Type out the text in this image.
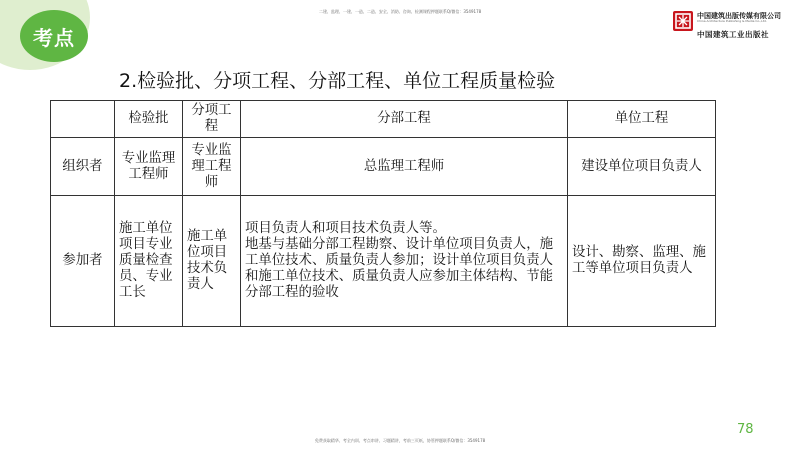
考点
二建、监理、一建、一造、二造、安全、消防、咨询、检测课程押题联系Q/微信：3549178
中国建筑出版传媒有限公司
China Architecture Publishing & Media Co.,Ltd.
中国建筑工业出版社
2.检验批、分项工程、分部工程、单位工程质量检验
	检验批	分项工程	分部工程	单位工程
组织者	专业监理工程师	专业监理工程师	总监理工程师	建设单位项目负责人
参加者	施工单位项目专业质量检查员、专业工长	施工单位项目技术负责人	项目负责人和项目技术负责人等。
地基与基础分部工程勘察、设计单位项目负责人，施工单位技术、质量负责人参加；设计单位项目负责人和施工单位技术、质量负责人应参加主体结构、节能分部工程的验收	设计、勘察、监理、施工等单位项目负责人
78
免费获取精华、考全内训、考点串讲、习题精讲，考前三页纸，协管押题联系Q/微信：3549178
